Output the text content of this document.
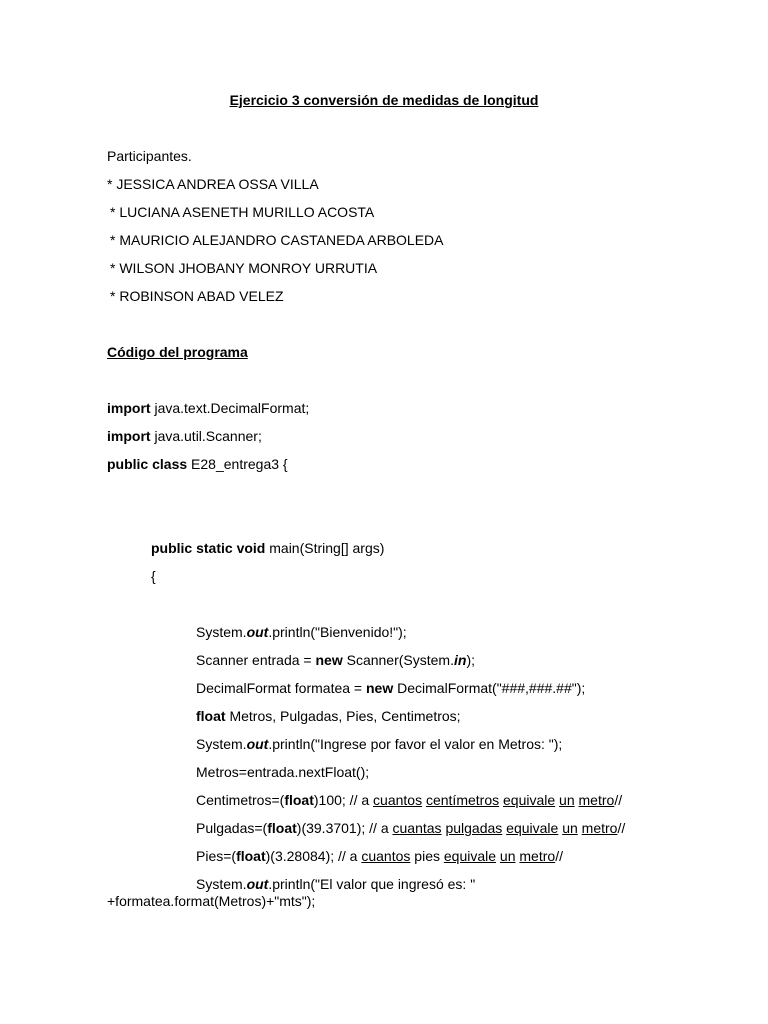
Ejercicio 3 conversión de medidas de longitud
Participantes.
* JESSICA ANDREA OSSA VILLA
* LUCIANA ASENETH MURILLO ACOSTA
* MAURICIO ALEJANDRO CASTANEDA ARBOLEDA
* WILSON JHOBANY MONROY URRUTIA
* ROBINSON ABAD VELEZ
Código del programa
import java.text.DecimalFormat;
import java.util.Scanner;
public class E28_entrega3 {
public static void main(String[] args)
{
System.out.println("Bienvenido!");
Scanner entrada = new Scanner(System.in);
DecimalFormat formatea = new DecimalFormat("###,###.##");
float Metros, Pulgadas, Pies, Centimetros;
System.out.println("Ingrese por favor el valor en Metros: ");
Metros=entrada.nextFloat();
Centimetros=(float)100; // a cuantos centímetros equivale un metro//
Pulgadas=(float)(39.3701); // a cuantas pulgadas equivale un metro//
Pies=(float)(3.28084); // a cuantos pies equivale un metro//
System.out.println("El valor que ingresó es: "
+formatea.format(Metros)+"mts");
